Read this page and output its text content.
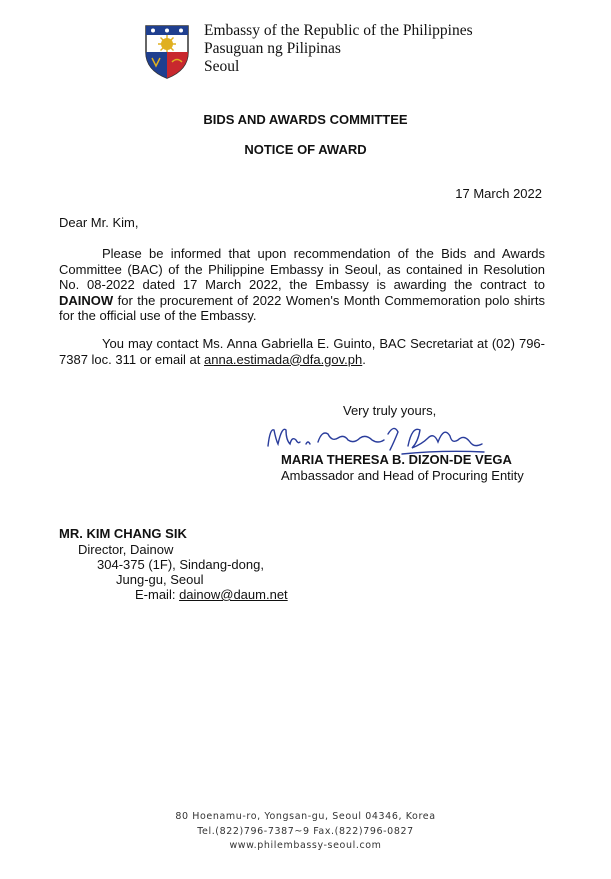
Embassy of the Republic of the Philippines
Pasuguan ng Pilipinas
Seoul
BIDS AND AWARDS COMMITTEE
NOTICE OF AWARD
17 March 2022
Dear Mr. Kim,
Please be informed that upon recommendation of the Bids and Awards Committee (BAC) of the Philippine Embassy in Seoul, as contained in Resolution No. 08-2022 dated 17 March 2022, the Embassy is awarding the contract to DAINOW for the procurement of 2022 Women's Month Commemoration polo shirts for the official use of the Embassy.
You may contact Ms. Anna Gabriella E. Guinto, BAC Secretariat at (02) 796-7387 loc. 311 or email at anna.estimada@dfa.gov.ph.
Very truly yours,
MARIA THERESA B. DIZON-DE VEGA
Ambassador and Head of Procuring Entity
MR. KIM CHANG SIK
Director, Dainow
304-375 (1F), Sindang-dong,
Jung-gu, Seoul
E-mail: dainow@daum.net
80 Hoenamu-ro, Yongsan-gu, Seoul 04346, Korea
Tel.(822)796-7387~9 Fax.(822)796-0827
www.philembassy-seoul.com
